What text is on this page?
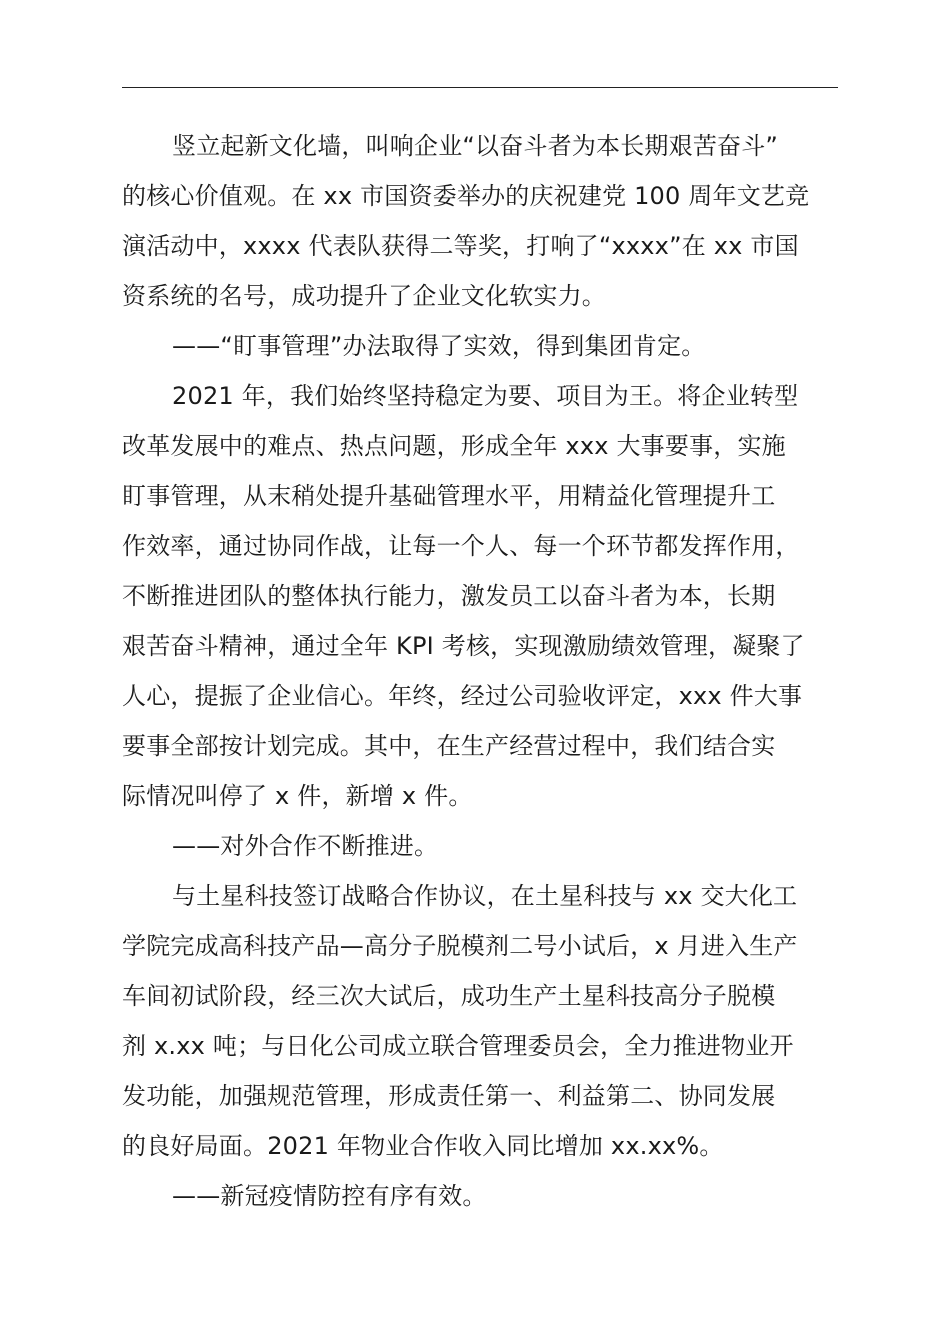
竖立起新文化墙，叫响企业“以奋斗者为本长期艰苦奋斗”
的核心价值观。在 xx 市国资委举办的庆祝建党 100 周年文艺竞
演活动中，xxxx 代表队获得二等奖，打响了“xxxx”在 xx 市国
资系统的名号，成功提升了企业文化软实力。
——“盯事管理”办法取得了实效，得到集团肯定。
2021 年，我们始终坚持稳定为要、项目为王。将企业转型
改革发展中的难点、热点问题，形成全年 xxx 大事要事，实施
盯事管理，从末稍处提升基础管理水平，用精益化管理提升工
作效率，通过协同作战，让每一个人、每一个环节都发挥作用，
不断推进团队的整体执行能力，激发员工以奋斗者为本，长期
艰苦奋斗精神，通过全年 KPI 考核，实现激励绩效管理，凝聚了
人心，提振了企业信心。年终，经过公司验收评定，xxx 件大事
要事全部按计划完成。其中，在生产经营过程中，我们结合实
际情况叫停了 x 件，新增 x 件。
——对外合作不断推进。
与土星科技签订战略合作协议，在土星科技与 xx 交大化工
学院完成高科技产品—高分子脱模剂二号小试后，x 月进入生产
车间初试阶段，经三次大试后，成功生产土星科技高分子脱模
剂 x.xx 吨；与日化公司成立联合管理委员会，全力推进物业开
发功能，加强规范管理，形成责任第一、利益第二、协同发展
的良好局面。2021 年物业合作收入同比增加 xx.xx%。
——新冠疫情防控有序有效。
